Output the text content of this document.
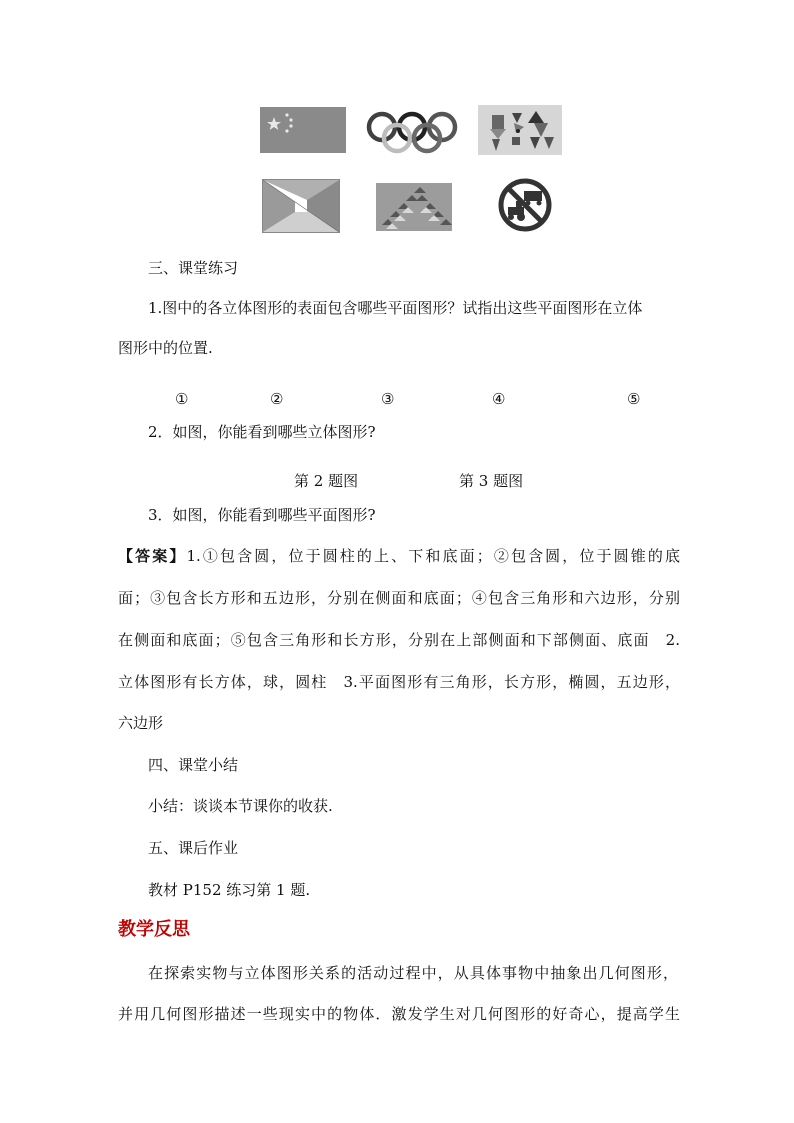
三、课堂练习
1.图中的各立体图形的表面包含哪些平面图形？试指出这些平面图形在立体
图形中的位置.
①	②	③	④	⑤
2．如图，你能看到哪些立体图形?
第 2 题图	第 3 题图
3．如图，你能看到哪些平面图形?
【答案】1.①包含圆，位于圆柱的上、下和底面；②包含圆，位于圆锥的底
面；③包含长方形和五边形，分别在侧面和底面；④包含三角形和六边形，分别
在侧面和底面；⑤包含三角形和长方形，分别在上部侧面和下部侧面、底面　2.
立体图形有长方体，球，圆柱　3.平面图形有三角形，长方形，椭圆，五边形，
六边形
四、课堂小结
小结：谈谈本节课你的收获.
五、课后作业
教材 P152 练习第 1 题.
教学反思
在探索实物与立体图形关系的活动过程中，从具体事物中抽象出几何图形，
并用几何图形描述一些现实中的物体．激发学生对几何图形的好奇心，提高学生
